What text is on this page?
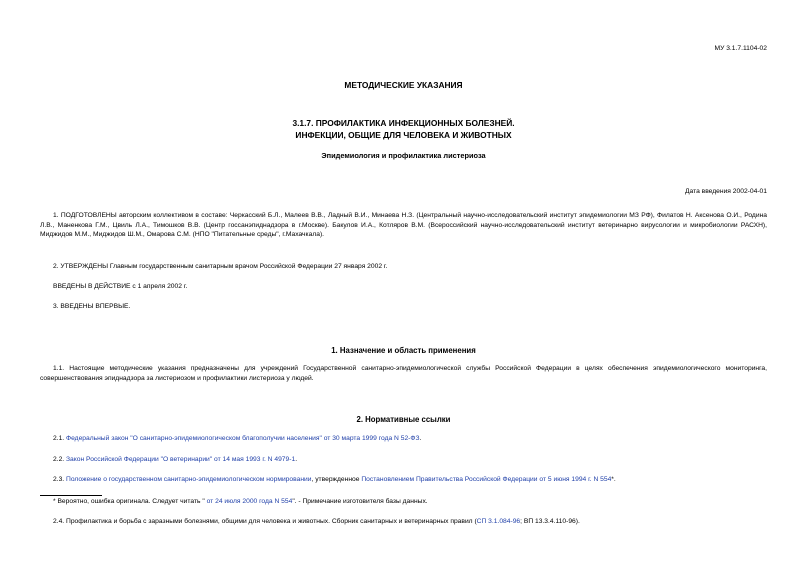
МУ 3.1.7.1104-02
МЕТОДИЧЕСКИЕ УКАЗАНИЯ
3.1.7. ПРОФИЛАКТИКА ИНФЕКЦИОННЫХ БОЛЕЗНЕЙ.
ИНФЕКЦИИ, ОБЩИЕ ДЛЯ ЧЕЛОВЕКА И ЖИВОТНЫХ
Эпидемиология и профилактика листериоза
Дата введения 2002-04-01
1. ПОДГОТОВЛЕНЫ авторским коллективом в составе: Черкасский Б.Л., Малеев В.В., Ладный В.И., Минаева Н.З. (Центральный научно-исследовательский институт эпидемиологии МЗ РФ), Филатов Н. Аксенова О.И., Родина Л.В., Маненкова Г.М., Цвиль Л.А., Тимошков В.В. (Центр госсанэпиднадзора в г.Москве). Бакулов И.А., Котляров В.М. (Всероссийский научно-исследовательский институт ветеринарно вирусологии и микробиологии РАСХН), Миджидов М.М., Миджидов Ш.М., Омарова С.М. (НПО "Питательные среды", г.Махачкала).
2. УТВЕРЖДЕНЫ Главным государственным санитарным врачом Российской Федерации 27 января 2002 г.
ВВЕДЕНЫ В ДЕЙСТВИЕ с 1 апреля 2002 г.
3. ВВЕДЕНЫ ВПЕРВЫЕ.
1. Назначение и область применения
1.1. Настоящие методические указания предназначены для учреждений Государственной санитарно-эпидемиологической службы Российской Федерации в целях обеспечения эпидемиологического мониторинга, совершенствования эпиднадзора за листериозом и профилактики листериоза у людей.
2. Нормативные ссылки
2.1. Федеральный закон "О санитарно-эпидемиологическом благополучии населения" от 30 марта 1999 года N 52-ФЗ.
2.2. Закон Российской Федерации "О ветеринарии" от 14 мая 1993 г. N 4979-1.
2.3. Положение о государственном санитарно-эпидемиологическом нормировании, утвержденное Постановлением Правительства Российской Федерации от 5 июня 1994 г. N 554*.
* Вероятно, ошибка оригинала. Следует читать " от 24 июля 2000 года N 554". - Примечание изготовителя базы данных.
2.4. Профилактика и борьба с заразными болезнями, общими для человека и животных. Сборник санитарных и ветеринарных правил (СП 3.1.084-96; ВП 13.3.4.110-96).
